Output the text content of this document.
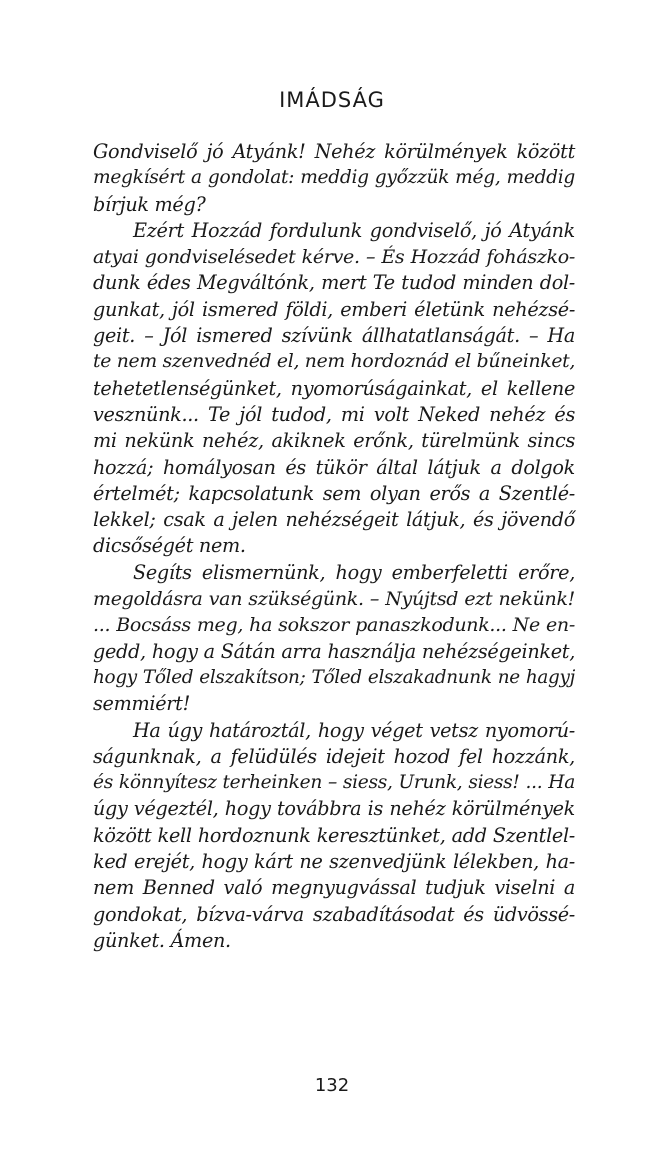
IMÁDSÁG
Gondviselő jó Atyánk! Nehéz körülmények között
megkísért a gondolat: meddig győzzük még, meddig
bírjuk még?
Ezért Hozzád fordulunk gondviselő, jó Atyánk
atyai gondviselésedet kérve. – És Hozzád fohászko-
dunk édes Megváltónk, mert Te tudod minden dol-
gunkat, jól ismered földi, emberi életünk nehézsé-
geit. – Jól ismered szívünk állhatatlanságát. – Ha
te nem szenvednéd el, nem hordoznád el bűneinket,
tehetetlenségünket, nyomorúságainkat, el kellene
vesznünk... Te jól tudod, mi volt Neked nehéz és
mi nekünk nehéz, akiknek erőnk, türelmünk sincs
hozzá; homályosan és tükör által látjuk a dolgok
értelmét; kapcsolatunk sem olyan erős a Szentlé-
lekkel; csak a jelen nehézségeit látjuk, és jövendő
dicsőségét nem.
Segíts elismernünk, hogy emberfeletti erőre,
megoldásra van szükségünk. – Nyújtsd ezt nekünk!
... Bocsáss meg, ha sokszor panaszkodunk... Ne en-
gedd, hogy a Sátán arra használja nehézségeinket,
hogy Tőled elszakítson; Tőled elszakadnunk ne hagyj
semmiért!
Ha úgy határoztál, hogy véget vetsz nyomorú-
ságunknak, a felüdülés idejeit hozod fel hozzánk,
és könnyítesz terheinken – siess, Urunk, siess! ... Ha
úgy végeztél, hogy továbbra is nehéz körülmények
között kell hordoznunk keresztünket, add Szentlel-
ked erejét, hogy kárt ne szenvedjünk lélekben, ha-
nem Benned való megnyugvással tudjuk viselni a
gondokat, bízva-várva szabadításodat és üdvössé-
günket. Ámen.
132
